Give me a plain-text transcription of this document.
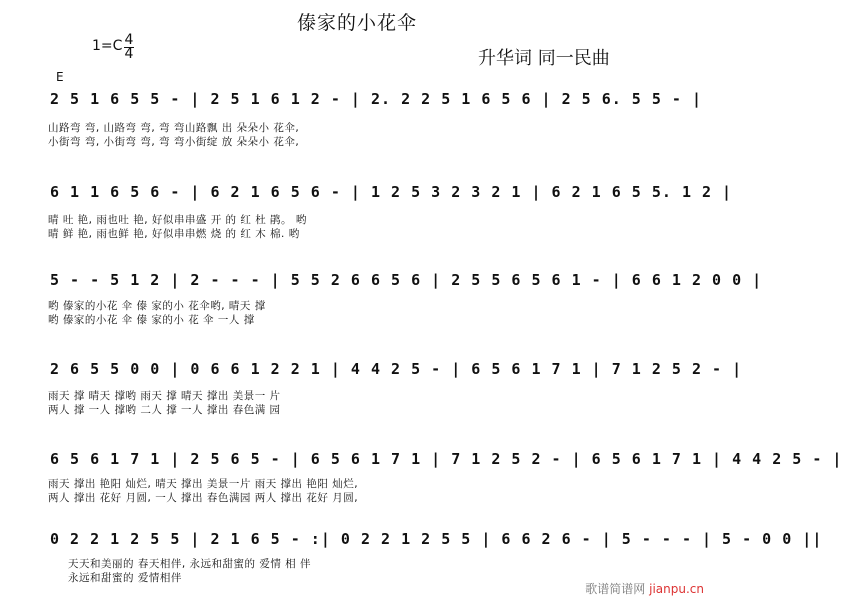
傣家的小花伞
1=C 4
4	升华词 同一民曲
E
2 5 1 6 5 5 - | 2 5 1 6 1 2 - | 2. 2 2 5 1 6 5 6 | 2 5 6. 5 5 - |
山路弯 弯, 山路弯 弯, 弯 弯山路飘 出 朵朵小 花伞,
小街弯 弯, 小街弯 弯, 弯 弯小街绽 放 朵朵小 花伞,
6 1 1 6 5 6 - | 6 2 1 6 5 6 - | 1 2 5 3 2 3 2 1 | 6 2 1 6 5 5. 1 2 |
晴 吐 艳, 雨也吐 艳, 好似串串盛 开 的 红 杜 鹃。 哟
晴 鲜 艳, 雨也鲜 艳, 好似串串燃 烧 的 红 木 棉. 哟
5 - - 5 1 2 | 2 - - - | 5 5 2 6 6 5 6 | 2 5 5 6 5 6 1 - | 6 6 1 2 0 0 |
哟 傣家的小花 伞 傣 家的小 花伞哟, 晴天 撑
哟 傣家的小花 伞 傣 家的小 花 伞 一人 撑
2 6 5 5 0 0 | 0 6 6 1 2 2 1 | 4 4 2 5 - | 6 5 6 1 7 1 | 7 1 2 5 2 - |
雨天 撑 晴天 撑哟 雨天 撑 晴天 撑出 美景一 片
两人 撑 一人 撑哟 二人 撑 一人 撑出 春色满 园
6 5 6 1 7 1 | 2 5 6 5 - | 6 5 6 1 7 1 | 7 1 2 5 2 - | 6 5 6 1 7 1 | 4 4 2 5 - |
雨天 撑出 艳阳 灿烂, 晴天 撑出 美景一片 雨天 撑出 艳阳 灿烂,
两人 撑出 花好 月圆, 一人 撑出 春色满园 两人 撑出 花好 月圆,
0 2 2 1 2 5 5 | 2 1 6 5 - :| 0 2 2 1 2 5 5 | 6 6 2 6 - | 5 - - - | 5 - 0 0 ||
天天和美丽的 春天相伴, 永远和甜蜜的 爱情 相 伴
永远和甜蜜的 爱情相伴
歌谱简谱网 jianpu.cn
